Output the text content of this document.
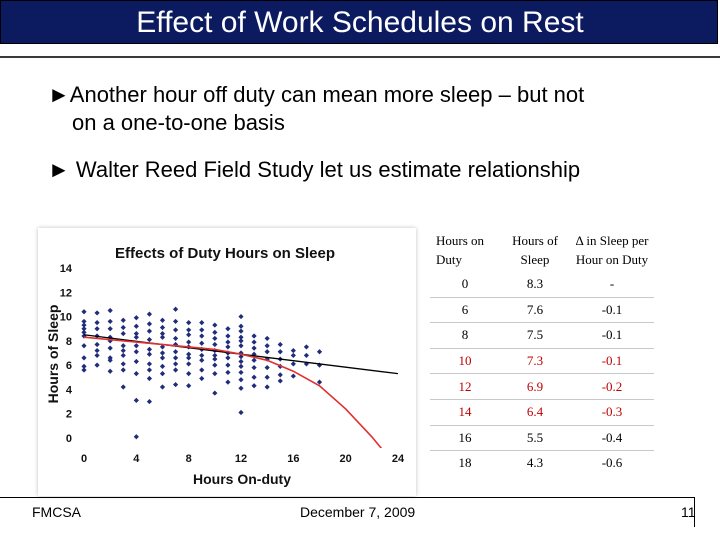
Effect of Work Schedules on Rest
►Another hour off duty can mean more sleep – but not
on a one-to-one basis
► Walter Reed Field Study let us estimate relationship
Effects of Duty Hours on Sleep
Hours of Sleep
Hours On-duty
0	4	8	12	16	20	24
0
2
4
6
8
10
12
14
Hours on Duty	Hours of Sleep	Δ in Sleep per Hour on Duty
0	8.3	-
6	7.6	-0.1
8	7.5	-0.1
10	7.3	-0.1
12	6.9	-0.2
14	6.4	-0.3
16	5.5	-0.4
18	4.3	-0.6
FMCSA	December 7, 2009	11
